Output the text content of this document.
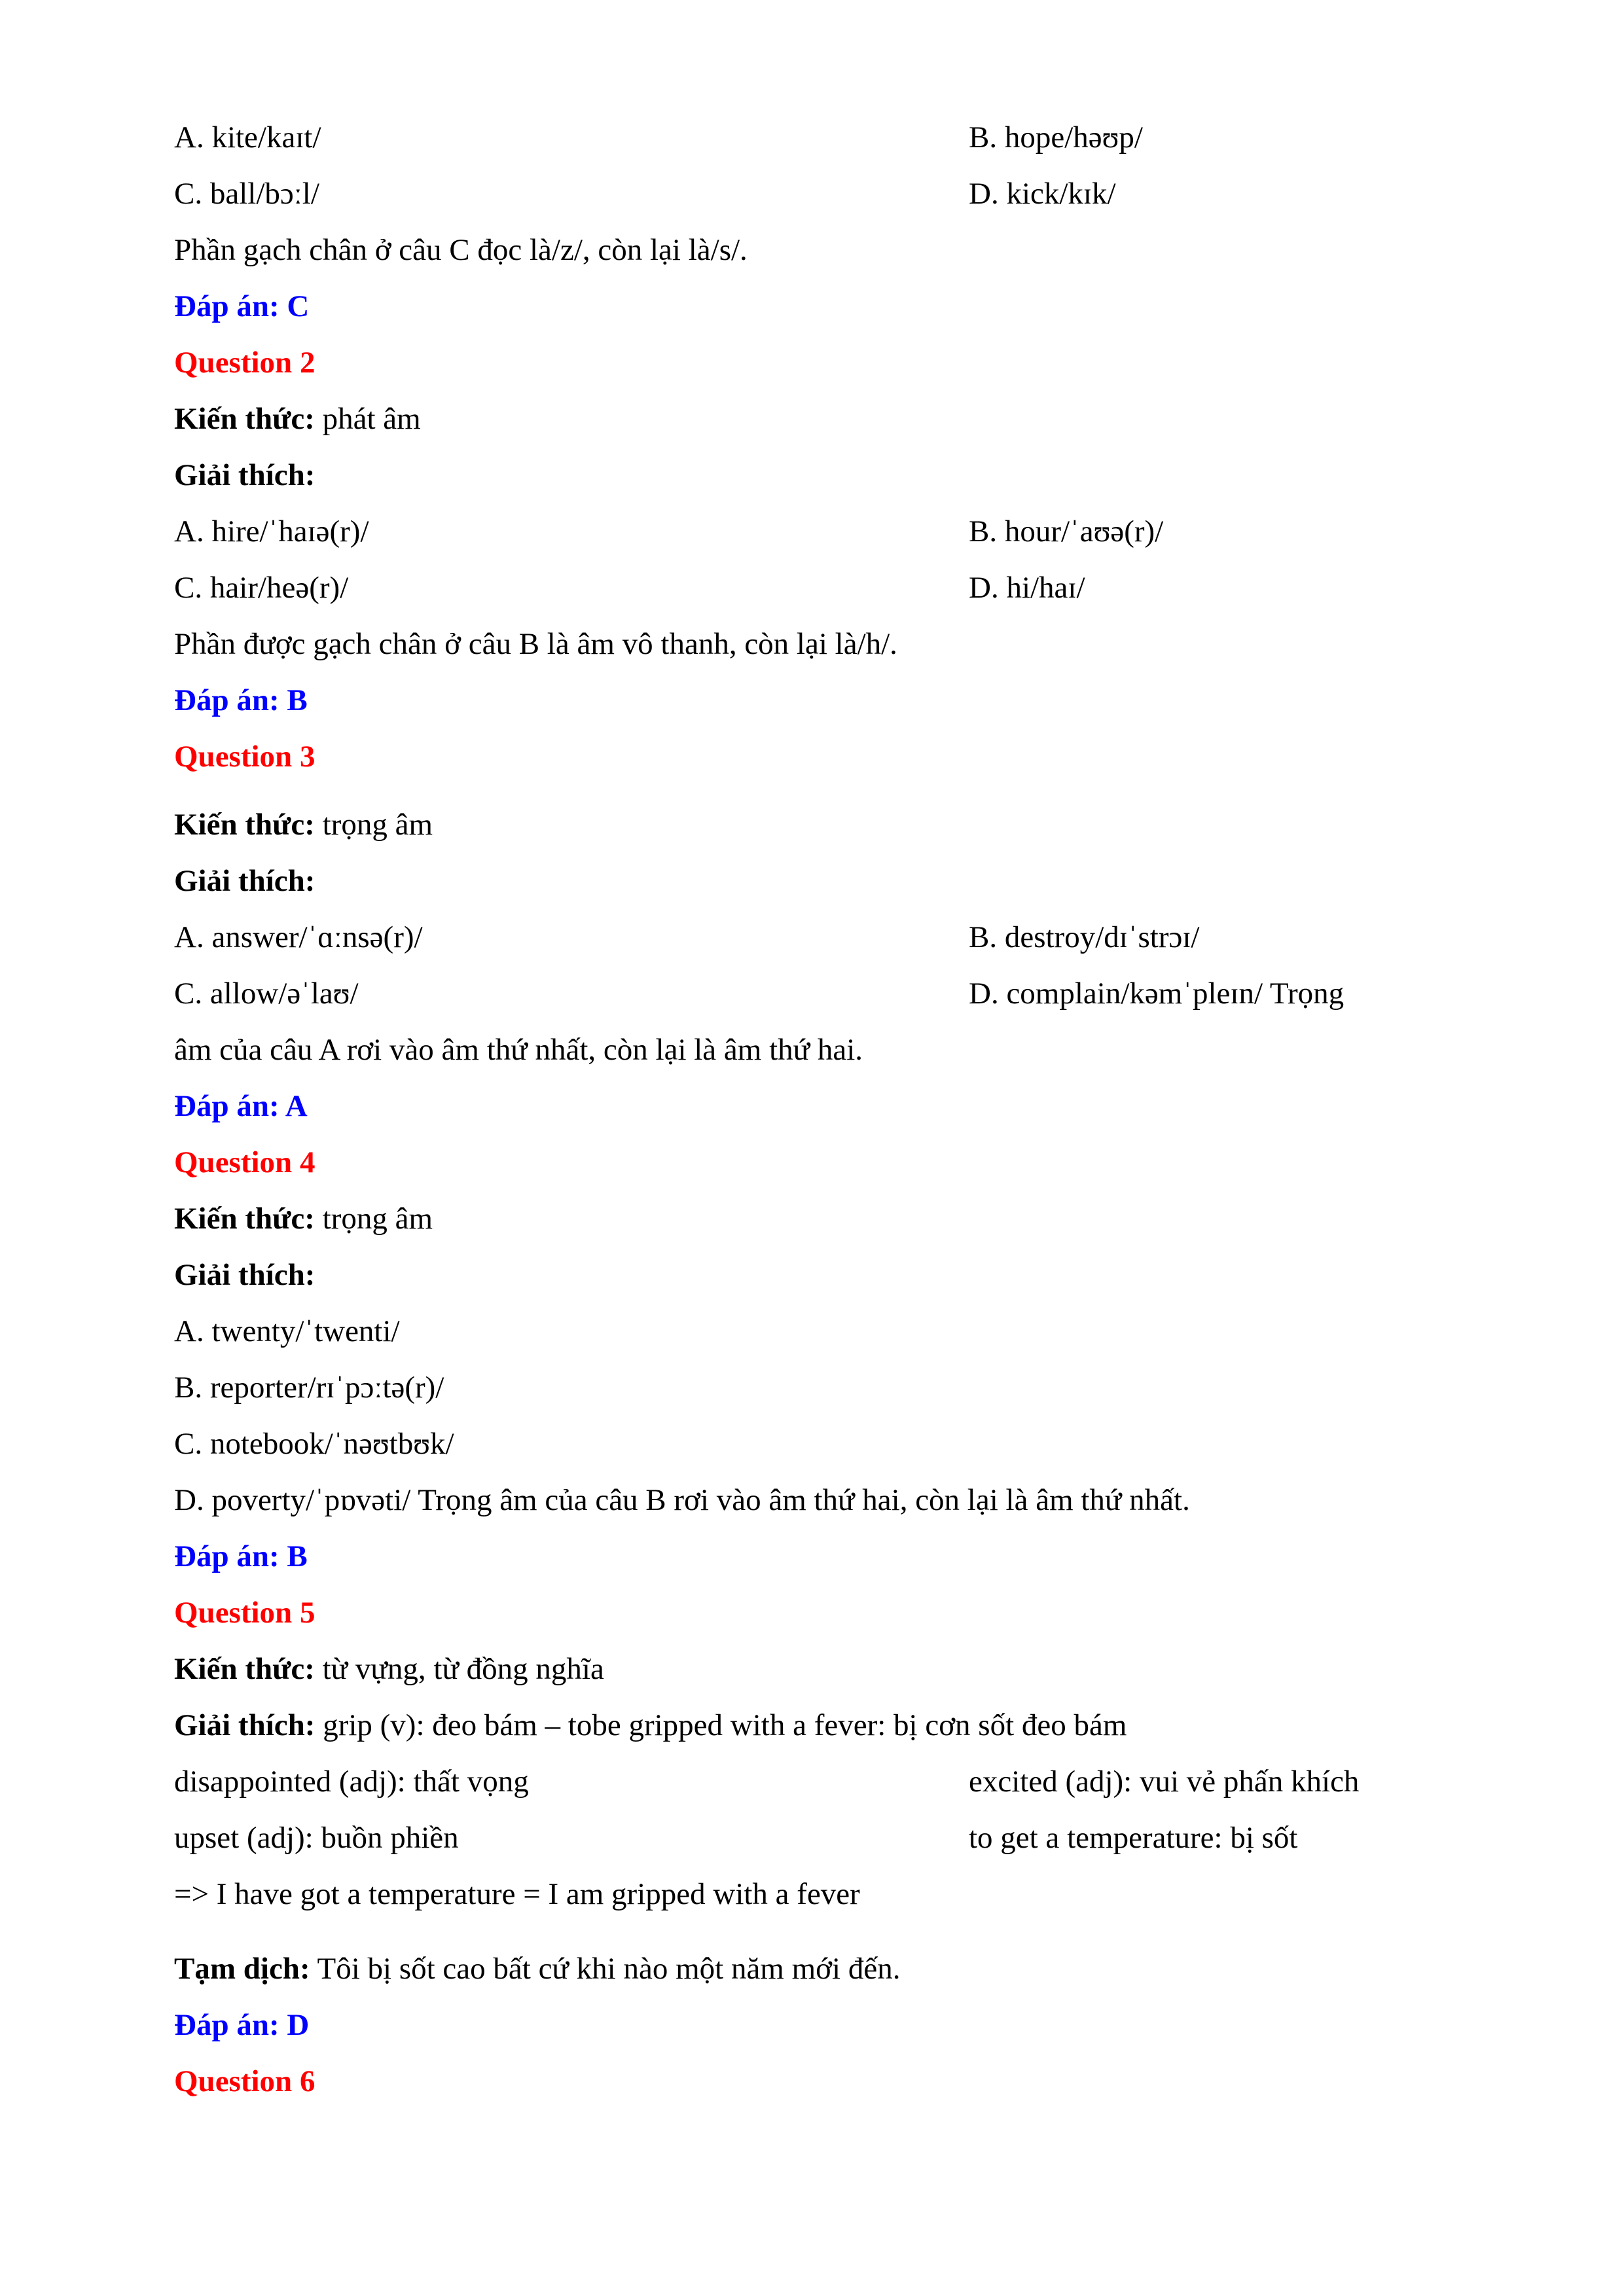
A. kite/kaɪt/	B. hope/həʊp/
C. ball/bɔːl/	D. kick/kɪk/
Phần gạch chân ở câu C đọc là/z/, còn lại là/s/.
Đáp án: C
Question 2
Kiến thức: phát âm
Giải thích:
A. hire/ˈhaɪə(r)/	B. hour/ˈaʊə(r)/
C. hair/heə(r)/	D. hi/haɪ/
Phần được gạch chân ở câu B là âm vô thanh, còn lại là/h/.
Đáp án: B
Question 3
Kiến thức: trọng âm
Giải thích:
A. answer/ˈɑːnsə(r)/	B. destroy/dɪˈstrɔɪ/
C. allow/əˈlaʊ/	D. complain/kəmˈpleɪn/ Trọng
âm của câu A rơi vào âm thứ nhất, còn lại là âm thứ hai.
Đáp án: A
Question 4
Kiến thức: trọng âm
Giải thích:
A. twenty/ˈtwenti/
B. reporter/rɪˈpɔːtə(r)/
C. notebook/ˈnəʊtbʊk/
D. poverty/ˈpɒvəti/ Trọng âm của câu B rơi vào âm thứ hai, còn lại là âm thứ nhất.
Đáp án: B
Question 5
Kiến thức: từ vựng, từ đồng nghĩa
Giải thích: grip (v): đeo bám – tobe gripped with a fever: bị cơn sốt đeo bám
disappointed (adj): thất vọng	excited (adj): vui vẻ phấn khích
upset (adj): buồn phiền	to get a temperature: bị sốt
=> I have got a temperature = I am gripped with a fever
Tạm dịch: Tôi bị sốt cao bất cứ khi nào một năm mới đến.
Đáp án: D
Question 6
